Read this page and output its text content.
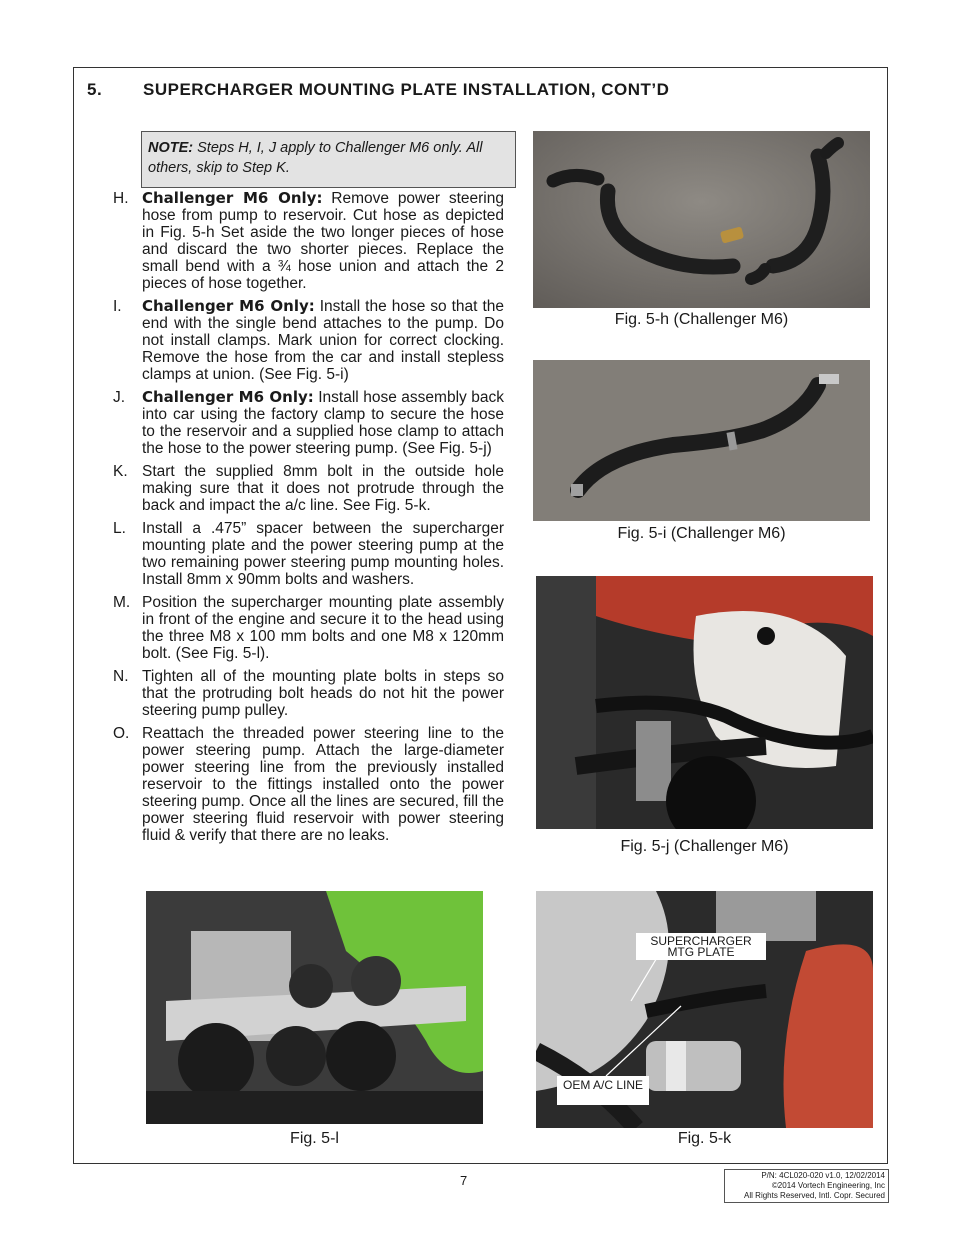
5. SUPERCHARGER MOUNTING PLATE INSTALLATION, CONT’D
NOTE: Steps H, I, J apply to Challenger M6 only. All others, skip to Step K.
H. Challenger M6 Only: Remove power steering hose from pump to reservoir. Cut hose as depicted in Fig. 5-h Set aside the two longer pieces of hose and discard the two shorter pieces. Replace the small bend with a ¾ hose union and attach the 2 pieces of hose together.
I.	Challenger M6 Only: Install the hose so that the end with the single bend attaches to the pump. Do not install clamps. Mark union for correct clocking. Remove the hose from the car and install stepless clamps at union. (See Fig. 5-i)
J.	Challenger M6 Only: Install hose assembly back into car using the factory clamp to secure the hose to the reservoir and a supplied hose clamp to attach the hose to the power steering pump. (See Fig. 5-j)
K. Start the supplied 8mm bolt in the outside hole making sure that it does not protrude through the back and impact the a/c line. See Fig. 5-k.
L.	Install a .475” spacer between the supercharger mounting plate and the power steering pump at the two remaining power steering pump mounting holes. Install 8mm x 90mm bolts and washers.
M. Position the supercharger mounting plate assembly in front of the engine and secure it to the head using the three M8 x 100 mm bolts and one M8 x 120mm bolt. (See Fig. 5-l).
N. Tighten all of the mounting plate bolts in steps so that the protruding bolt heads do not hit the power steering pump pulley.
O. Reattach the threaded power steering line to the power steering pump. Attach the large-diameter power steering line from the previously installed reservoir to the fittings installed onto the power steering pump. Once all the lines are secured, fill the power steering fluid reservoir with power steering fluid & verify that there are no leaks.
Fig. 5-h (Challenger M6)
Fig. 5-i (Challenger M6)
Fig. 5-j (Challenger M6)
Fig. 5-l
SUPERCHARGER MTG PLATE
OEM A/C LINE
Fig. 5-k
7	P/N: 4CL020-020 v1.0, 12/02/2014
©2014 Vortech Engineering, Inc
All Rights Reserved, Intl. Copr. Secured
